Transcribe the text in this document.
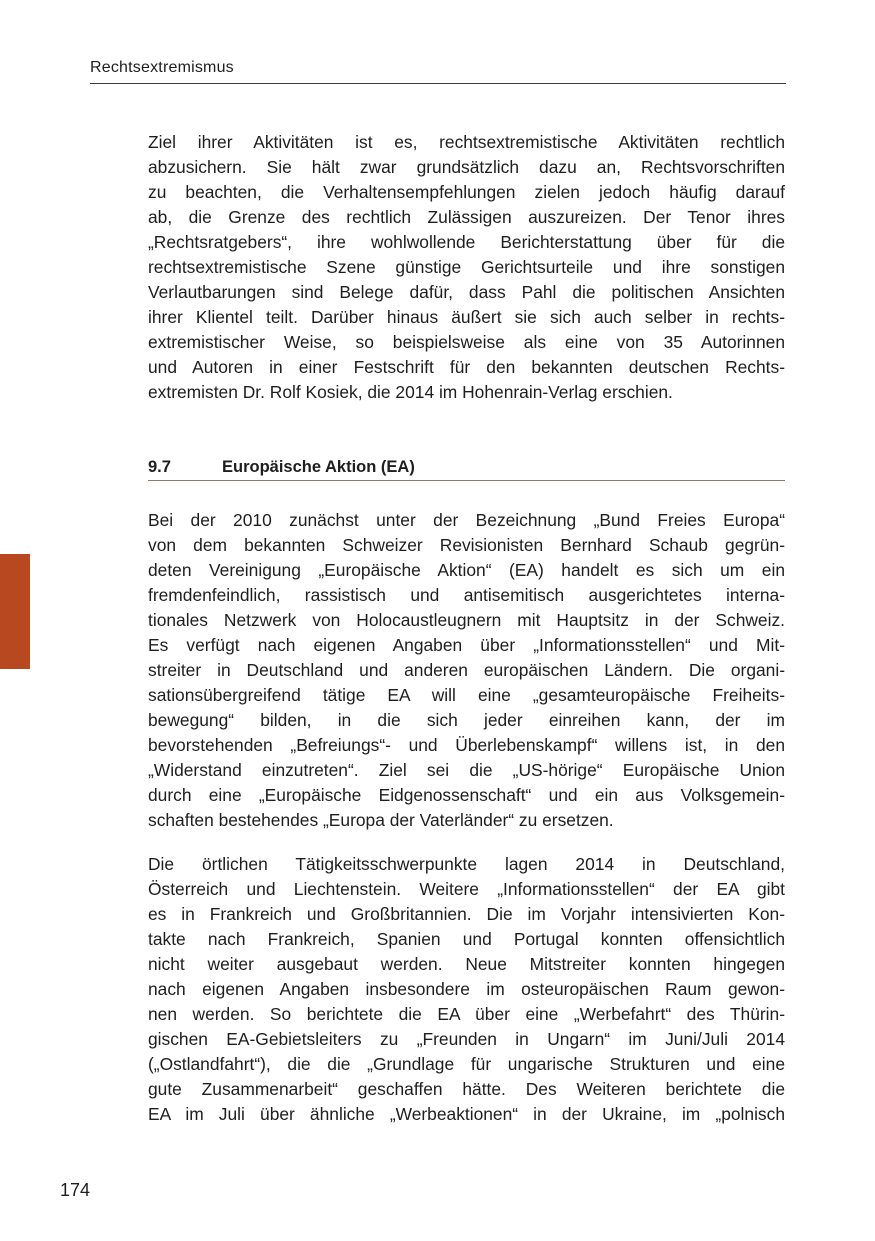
Rechtsextremismus
Ziel ihrer Aktivitäten ist es, rechtsextremistische Aktivitäten rechtlich
abzusichern. Sie hält zwar grundsätzlich dazu an, Rechtsvorschriften
zu beachten, die Verhaltensempfehlungen zielen jedoch häufig darauf
ab, die Grenze des rechtlich Zulässigen auszureizen. Der Tenor ihres
„Rechtsratgebers“, ihre wohlwollende Berichterstattung über für die
rechtsextremistische Szene günstige Gerichtsurteile und ihre sonstigen
Verlautbarungen sind Belege dafür, dass Pahl die politischen Ansichten
ihrer Klientel teilt. Darüber hinaus äußert sie sich auch selber in rechts-
extremistischer Weise, so beispielsweise als eine von 35 Autorinnen
und Autoren in einer Festschrift für den bekannten deutschen Rechts-
extremisten Dr. Rolf Kosiek, die 2014 im Hohenrain-Verlag erschien.
9.7	Europäische Aktion (EA)
Bei der 2010 zunächst unter der Bezeichnung „Bund Freies Europa“
von dem bekannten Schweizer Revisionisten Bernhard Schaub gegrün-
deten Vereinigung „Europäische Aktion“ (EA) handelt es sich um ein
fremdenfeindlich, rassistisch und antisemitisch ausgerichtetes interna-
tionales Netzwerk von Holocaustleugnern mit Hauptsitz in der Schweiz.
Es verfügt nach eigenen Angaben über „Informationsstellen“ und Mit-
streiter in Deutschland und anderen europäischen Ländern. Die organi-
sationsübergreifend tätige EA will eine „gesamteuropäische Freiheits-
bewegung“ bilden, in die sich jeder einreihen kann, der im
bevorstehenden „Befreiungs“- und Überlebenskampf“ willens ist, in den
„Widerstand einzutreten“. Ziel sei die „US-hörige“ Europäische Union
durch eine „Europäische Eidgenossenschaft“ und ein aus Volksgemein-
schaften bestehendes „Europa der Vaterländer“ zu ersetzen.
Die örtlichen Tätigkeitsschwerpunkte lagen 2014 in Deutschland,
Österreich und Liechtenstein. Weitere „Informationsstellen“ der EA gibt
es in Frankreich und Großbritannien. Die im Vorjahr intensivierten Kon-
takte nach Frankreich, Spanien und Portugal konnten offensichtlich
nicht weiter ausgebaut werden. Neue Mitstreiter konnten hingegen
nach eigenen Angaben insbesondere im osteuropäischen Raum gewon-
nen werden. So berichtete die EA über eine „Werbefahrt“ des Thürin-
gischen EA-Gebietsleiters zu „Freunden in Ungarn“ im Juni/Juli 2014
(„Ostlandfahrt“), die die „Grundlage für ungarische Strukturen und eine
gute Zusammenarbeit“ geschaffen hätte. Des Weiteren berichtete die
EA im Juli über ähnliche „Werbeaktionen“ in der Ukraine, im „polnisch
174
